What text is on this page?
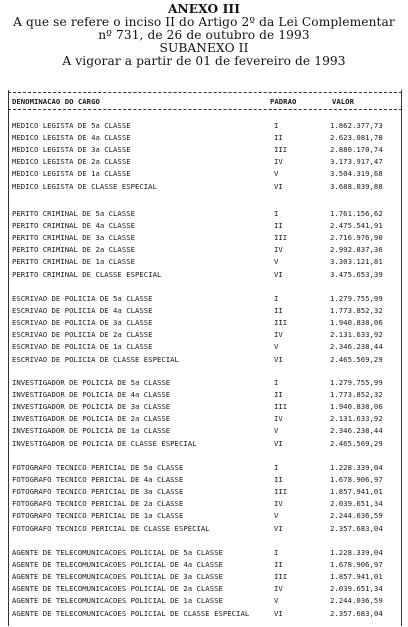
ANEXO III
A que se refere o inciso II do Artigo 2º da Lei Complementar
nº 731, de 26 de outubro de 1993
SUBANEXO II
A vigorar a partir de 01 de fevereiro de 1993
DENOMINACAO DO CARGO	PADRAO	VALOR
MEDICO LEGISTA DE 5a CLASSE	I	1.862.377,73
MEDICO LEGISTA DE 4a CLASSE	II	2.623.081,78
MEDICO LEGISTA DE 3a CLASSE	III	2.880.170,74
MEDICO LEGISTA DE 2a CLASSE	IV	3.173.917,47
MEDICO LEGISTA DE 1a CLASSE	V	3.504.319,68
MEDICO LEGISTA DE CLASSE ESPECIAL	VI	3.688.039,88
PERITO CRIMINAL DE 5a CLASSE	I	1.761.156,62
PERITO CRIMINAL DE 4a CLASSE	II	2.475.541,91
PERITO CRIMINAL DE 3a CLASSE	III	2.716.976,90
PERITO CRIMINAL DE 2a CLASSE	IV	2.992.837,36
PERITO CRIMINAL DE 1a CLASSE	V	3.303.121,81
PERITO CRIMINAL DE CLASSE ESPECIAL	VI	3.475.653,39
ESCRIVAO DE POLICIA DE 5a CLASSE	I	1.279.755,99
ESCRIVAO DE POLICIA DE 4a CLASSE	II	1.773.852,32
ESCRIVAO DE POLICIA DE 3a CLASSE	III	1.940.838,06
ESCRIVAO DE POLICIA DE 2a CLASSE	IV	2.131.633,92
ESCRIVAO DE POLICIA DE 1a CLASSE	V	2.346.238,44
ESCRIVAO DE POLICIA DE CLASSE ESPECIAL	VI	2.465.569,29
INVESTIGADOR DE POLICIA DE 5a CLASSE	I	1.279.755,99
INVESTIGADOR DE POLICIA DE 4a CLASSE	II	1.773.852,32
INVESTIGADOR DE POLICIA DE 3a CLASSE	III	1.940.838,06
INVESTIGADOR DE POLICIA DE 2a CLASSE	IV	2.131.633,92
INVESTIGADOR DE POLICIA DE 1a CLASSE	V	2.346.238,44
INVESTIGADOR DE POLICIA DE CLASSE ESPECIAL	VI	2.465.569,29
FOTOGRAFO TECNICO PERICIAL DE 5a CLASSE	I	1.228.339,04
FOTOGRAFO TECNICO PERICIAL DE 4a CLASSE	II	1.678.906,97
FOTOGRAFO TECNICO PERICIAL DE 3a CLASSE	III	1.857.941,01
FOTOGRAFO TECNICO PERICIAL DE 2a CLASSE	IV	2.039.651,34
FOTOGRAFO TECNICO PERICIAL DE 1a CLASSE	V	2.244.036,59
FOTOGRAFO TECNICO PERICIAL DE CLASSE ESPECIAL	VI	2.357.683,04
AGENTE DE TELECOMUNICACOES POLICIAL DE 5a CLASSE	I	1.228.339,04
AGENTE DE TELECOMUNICACOES POLICIAL DE 4a CLASSE	II	1.678.906,97
AGENTE DE TELECOMUNICACOES POLICIAL DE 3a CLASSE	III	1.857.941,01
AGENTE DE TELECOMUNICACOES POLICIAL DE 2a CLASSE	IV	2.039.651,34
AGENTE DE TELECOMUNICACOES POLICIAL DE 1a CLASSE	V	2.244.036,59
AGENTE DE TELECOMUNICACOES POLICIAL DE CLASSE ESPECIAL	VI	2.357.683,04
